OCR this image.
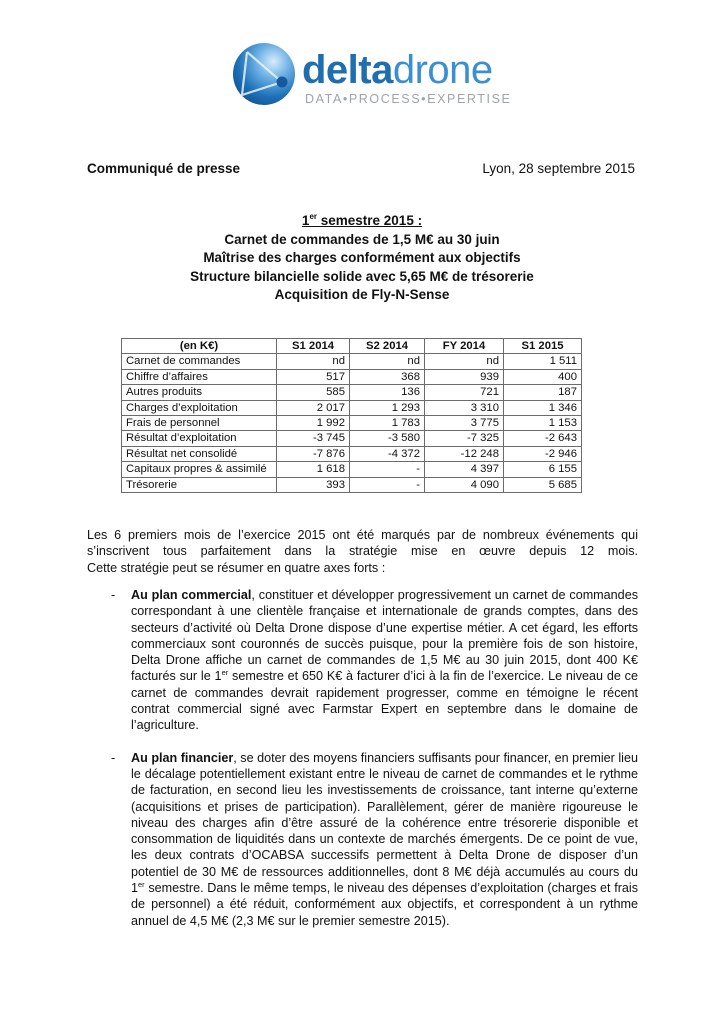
deltadrone
DATA•PROCESS•EXPERTISE
Communiqué de presse	Lyon, 28 septembre 2015
1er semestre 2015 :
Carnet de commandes de 1,5 M€ au 30 juin
Maîtrise des charges conformément aux objectifs
Structure bilancielle solide avec 5,65 M€ de trésorerie
Acquisition de Fly-N-Sense
(en K€)	S1 2014	S2 2014	FY 2014	S1 2015
Carnet de commandes	nd	nd	nd	1 511
Chiffre d’affaires	517	368	939	400
Autres produits	585	136	721	187
Charges d’exploitation	2 017	1 293	3 310	1 346
Frais de personnel	1 992	1 783	3 775	1 153
Résultat d’exploitation	-3 745	-3 580	-7 325	-2 643
Résultat net consolidé	-7 876	-4 372	-12 248	-2 946
Capitaux propres & assimilé	1 618	-	4 397	6 155
Trésorerie	393	-	4 090	5 685
Les 6 premiers mois de l’exercice 2015 ont été marqués par de nombreux événements qui s’inscrivent tous parfaitement dans la stratégie mise en œuvre depuis 12 mois.
Cette stratégie peut se résumer en quatre axes forts :
- Au plan commercial, constituer et développer progressivement un carnet de commandes correspondant à une clientèle française et internationale de grands comptes, dans des secteurs d’activité où Delta Drone dispose d’une expertise métier. A cet égard, les efforts commerciaux sont couronnés de succès puisque, pour la première fois de son histoire, Delta Drone affiche un carnet de commandes de 1,5 M€ au 30 juin 2015, dont 400 K€ facturés sur le 1er semestre et 650 K€ à facturer d’ici à la fin de l’exercice. Le niveau de ce carnet de commandes devrait rapidement progresser, comme en témoigne le récent contrat commercial signé avec Farmstar Expert en septembre dans le domaine de l’agriculture.
- Au plan financier, se doter des moyens financiers suffisants pour financer, en premier lieu le décalage potentiellement existant entre le niveau de carnet de commandes et le rythme de facturation, en second lieu les investissements de croissance, tant interne qu’externe (acquisitions et prises de participation). Parallèlement, gérer de manière rigoureuse le niveau des charges afin d’être assuré de la cohérence entre trésorerie disponible et consommation de liquidités dans un contexte de marchés émergents. De ce point de vue, les deux contrats d’OCABSA successifs permettent à Delta Drone de disposer d’un potentiel de 30 M€ de ressources additionnelles, dont 8 M€ déjà accumulés au cours du 1er semestre. Dans le même temps, le niveau des dépenses d’exploitation (charges et frais de personnel) a été réduit, conformément aux objectifs, et correspondent à un rythme annuel de 4,5 M€ (2,3 M€ sur le premier semestre 2015).
